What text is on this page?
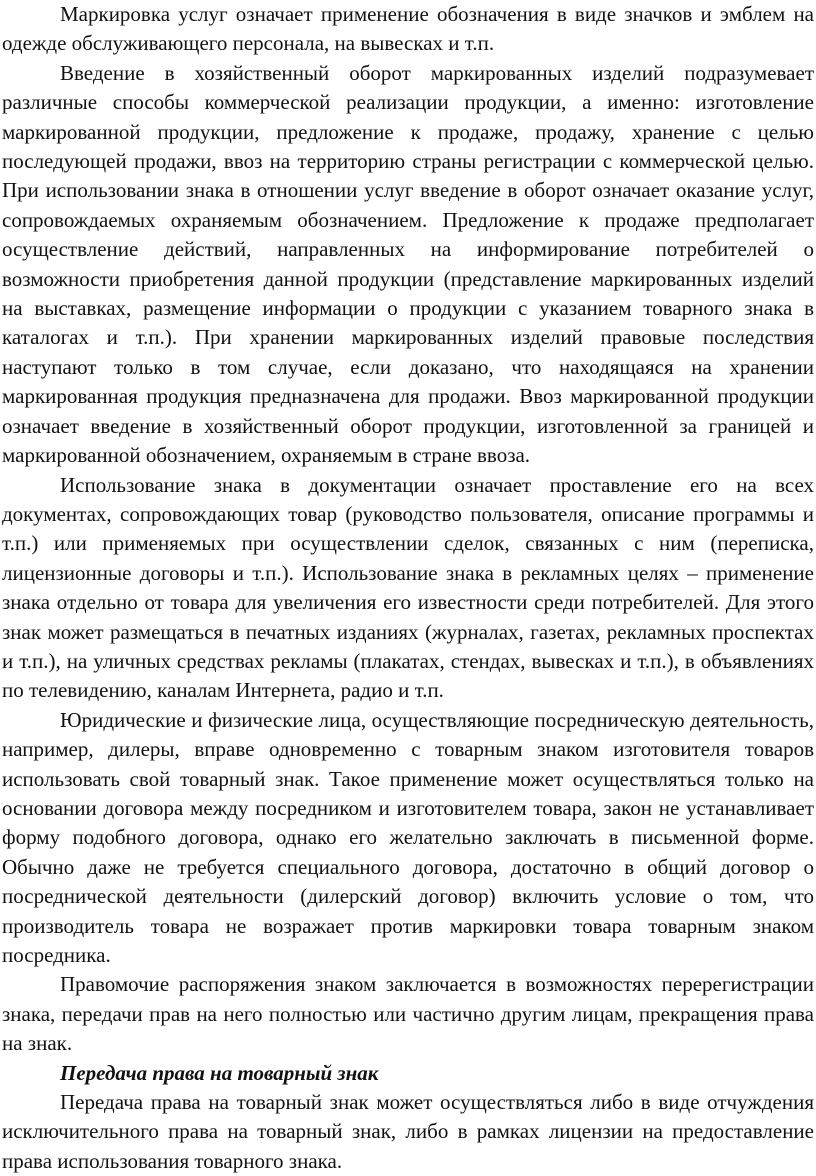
Маркировка услуг означает применение обозначения в виде значков и эмблем на одежде обслуживающего персонала, на вывесках и т.п.

Введение в хозяйственный оборот маркированных изделий подразумевает различные способы коммерческой реализации продукции, а именно: изготовление маркированной продукции, предложение к продаже, продажу, хранение с целью последующей продажи, ввоз на территорию страны регистрации с коммерческой целью. При использовании знака в отношении услуг введение в оборот означает оказание услуг, сопровождаемых охраняемым обозначением. Предложение к продаже предполагает осуществление действий, направленных на информирование потребителей о возможности приобретения данной продукции (представление маркированных изделий на выставках, размещение информации о продукции с указанием товарного знака в каталогах и т.п.). При хранении маркированных изделий правовые последствия наступают только в том случае, если доказано, что находящаяся на хранении маркированная продукция предназначена для продажи. Ввоз маркированной продукции означает введение в хозяйственный оборот продукции, изготовленной за границей и маркированной обозначением, охраняемым в стране ввоза.

Использование знака в документации означает проставление его на всех документах, сопровождающих товар (руководство пользователя, описание программы и т.п.) или применяемых при осуществлении сделок, связанных с ним (переписка, лицензионные договоры и т.п.). Использование знака в рекламных целях – применение знака отдельно от товара для увеличения его известности среди потребителей. Для этого знак может размещаться в печатных изданиях (журналах, газетах, рекламных проспектах и т.п.), на уличных средствах рекламы (плакатах, стендах, вывесках и т.п.), в объявлениях по телевидению, каналам Интернета, радио и т.п.

Юридические и физические лица, осуществляющие посредническую деятельность, например, дилеры, вправе одновременно с товарным знаком изготовителя товаров использовать свой товарный знак. Такое применение может осуществляться только на основании договора между посредником и изготовителем товара, закон не устанавливает форму подобного договора, однако его желательно заключать в письменной форме. Обычно даже не требуется специального договора, достаточно в общий договор о посреднической деятельности (дилерский договор) включить условие о том, что производитель товара не возражает против маркировки товара товарным знаком посредника.

Правомочие распоряжения знаком заключается в возможностях перерегистрации знака, передачи прав на него полностью или частично другим лицам, прекращения права на знак.

Передача права на товарный знак

Передача права на товарный знак может осуществляться либо в виде отчуждения исключительного права на товарный знак, либо в рамках лицензии на предоставление права использования товарного знака.
